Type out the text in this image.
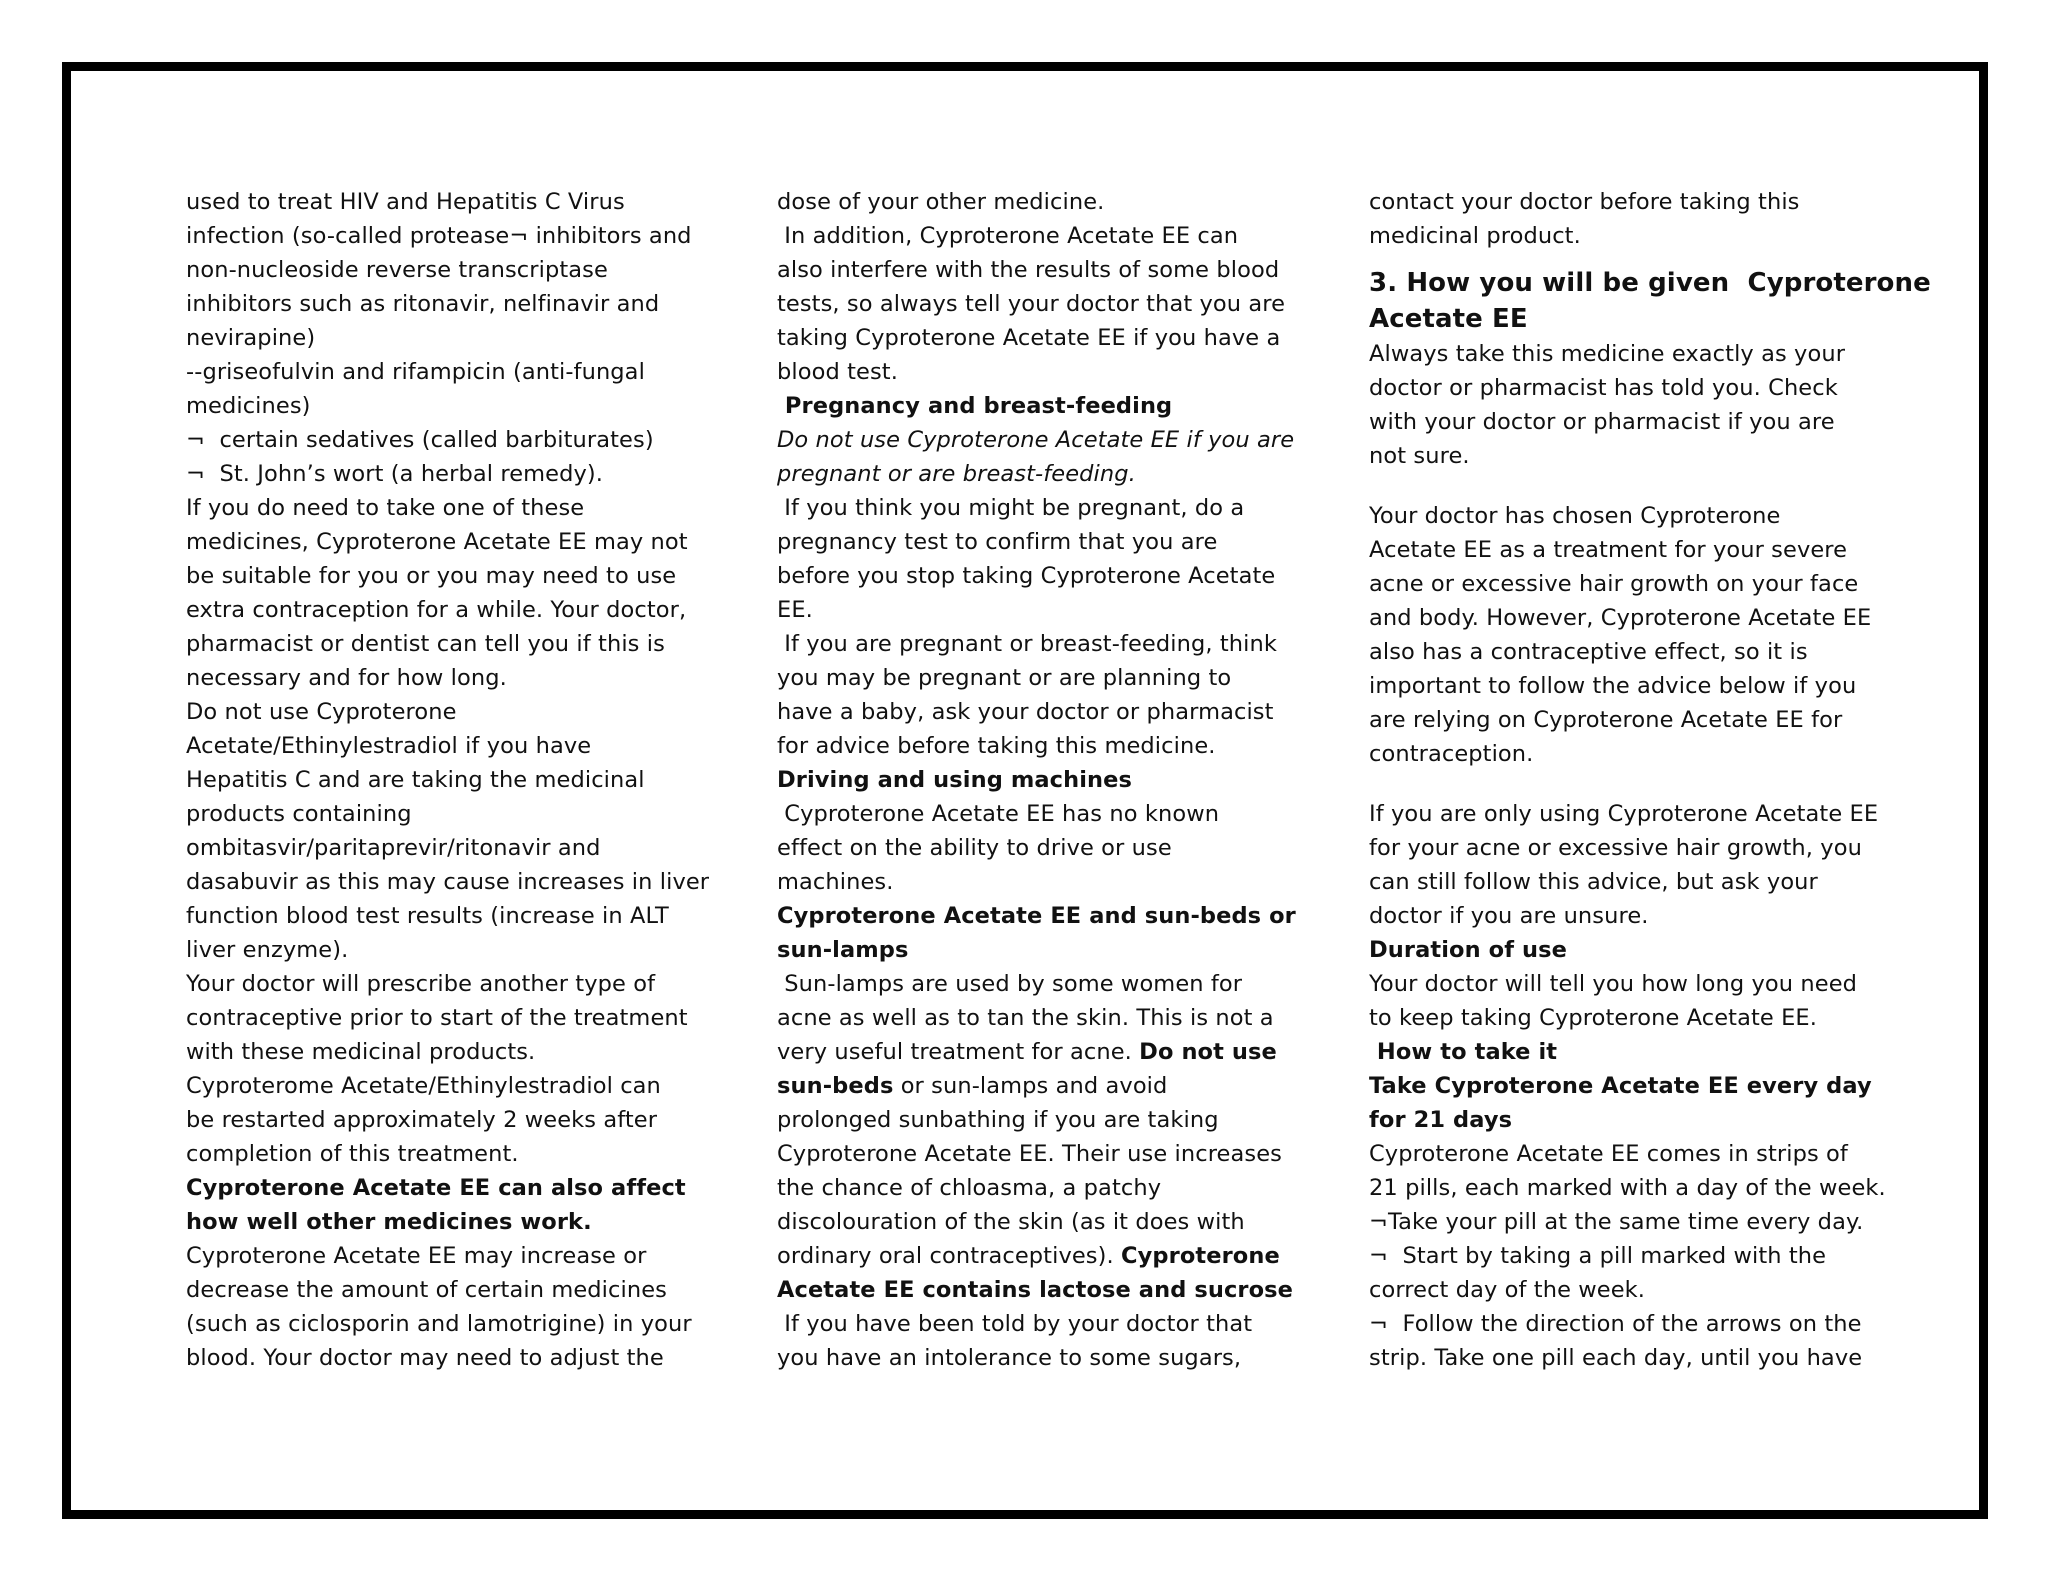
used to treat HIV and Hepatitis C Virus
infection (so-called protease¬ inhibitors and
non-nucleoside reverse transcriptase
inhibitors such as ritonavir, nelfinavir and
nevirapine)
--griseofulvin and rifampicin (anti-fungal
medicines)
¬  certain sedatives (called barbiturates)
¬  St. John’s wort (a herbal remedy).
If you do need to take one of these
medicines, Cyproterone Acetate EE may not
be suitable for you or you may need to use
extra contraception for a while. Your doctor,
pharmacist or dentist can tell you if this is
necessary and for how long.
Do not use Cyproterone
Acetate/Ethinylestradiol if you have
Hepatitis C and are taking the medicinal
products containing
ombitasvir/paritaprevir/ritonavir and
dasabuvir as this may cause increases in liver
function blood test results (increase in ALT
liver enzyme).
Your doctor will prescribe another type of
contraceptive prior to start of the treatment
with these medicinal products.
Cyproterome Acetate/Ethinylestradiol can
be restarted approximately 2 weeks after
completion of this treatment.
Cyproterone Acetate EE can also affect
how well other medicines work.
Cyproterone Acetate EE may increase or
decrease the amount of certain medicines
(such as ciclosporin and lamotrigine) in your
blood. Your doctor may need to adjust the
dose of your other medicine.
In addition, Cyproterone Acetate EE can
also interfere with the results of some blood
tests, so always tell your doctor that you are
taking Cyproterone Acetate EE if you have a
blood test.
Pregnancy and breast-feeding
Do not use Cyproterone Acetate EE if you are
pregnant or are breast-feeding.
If you think you might be pregnant, do a
pregnancy test to confirm that you are
before you stop taking Cyproterone Acetate
EE.
If you are pregnant or breast-feeding, think
you may be pregnant or are planning to
have a baby, ask your doctor or pharmacist
for advice before taking this medicine.
Driving and using machines
Cyproterone Acetate EE has no known
effect on the ability to drive or use
machines.
Cyproterone Acetate EE and sun-beds or
sun-lamps
Sun-lamps are used by some women for
acne as well as to tan the skin. This is not a
very useful treatment for acne. Do not use
sun-beds or sun-lamps and avoid
prolonged sunbathing if you are taking
Cyproterone Acetate EE. Their use increases
the chance of chloasma, a patchy
discolouration of the skin (as it does with
ordinary oral contraceptives). Cyproterone
Acetate EE contains lactose and sucrose
If you have been told by your doctor that
you have an intolerance to some sugars,
contact your doctor before taking this
medicinal product.
3. How you will be given  Cyproterone
Acetate EE
Always take this medicine exactly as your
doctor or pharmacist has told you. Check
with your doctor or pharmacist if you are
not sure.
Your doctor has chosen Cyproterone
Acetate EE as a treatment for your severe
acne or excessive hair growth on your face
and body. However, Cyproterone Acetate EE
also has a contraceptive effect, so it is
important to follow the advice below if you
are relying on Cyproterone Acetate EE for
contraception.
If you are only using Cyproterone Acetate EE
for your acne or excessive hair growth, you
can still follow this advice, but ask your
doctor if you are unsure.
Duration of use
Your doctor will tell you how long you need
to keep taking Cyproterone Acetate EE.
How to take it
Take Cyproterone Acetate EE every day
for 21 days
Cyproterone Acetate EE comes in strips of
21 pills, each marked with a day of the week.
¬Take your pill at the same time every day.
¬  Start by taking a pill marked with the
correct day of the week.
¬  Follow the direction of the arrows on the
strip. Take one pill each day, until you have
